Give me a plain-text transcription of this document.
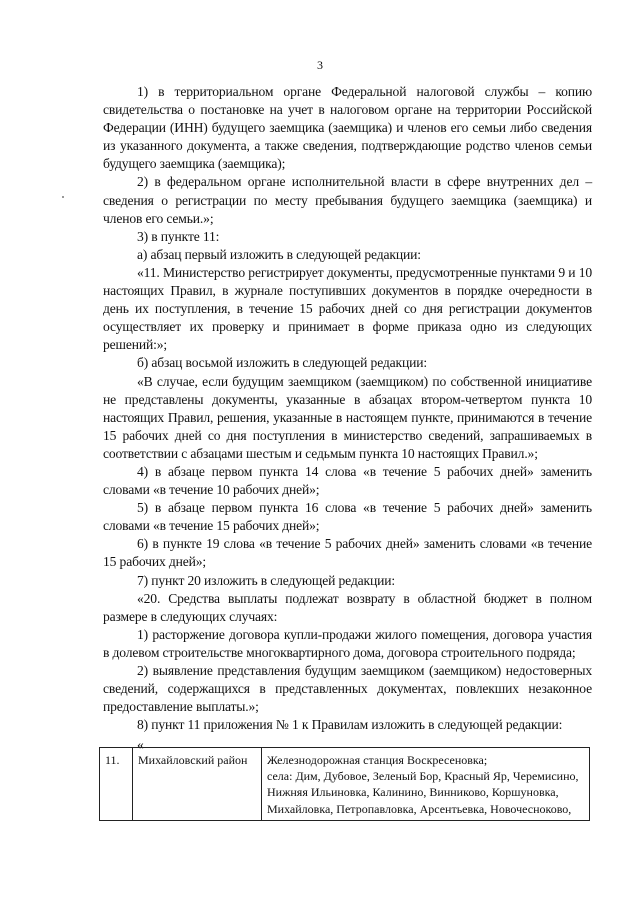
3

1) в территориальном органе Федеральной налоговой службы – копию свидетельства о постановке на учет в налоговом органе на территории Российской Федерации (ИНН) будущего заемщика (заемщика) и членов его семьи либо сведения из указанного документа, а также сведения, подтверждающие родство членов семьи будущего заемщика (заемщика);

2) в федеральном органе исполнительной власти в сфере внутренних дел – сведения о регистрации по месту пребывания будущего заемщика (заемщика) и членов его семьи.»;

3) в пункте 11:

а) абзац первый изложить в следующей редакции:

«11. Министерство регистрирует документы, предусмотренные пунктами 9 и 10 настоящих Правил, в журнале поступивших документов в порядке очередности в день их поступления, в течение 15 рабочих дней со дня регистрации документов осуществляет их проверку и принимает в форме приказа одно из следующих решений:»;

б) абзац восьмой изложить в следующей редакции:

«В случае, если будущим заемщиком (заемщиком) по собственной инициативе не представлены документы, указанные в абзацах втором-четвертом пункта 10 настоящих Правил, решения, указанные в настоящем пункте, принимаются в течение 15 рабочих дней со дня поступления в министерство сведений, запрашиваемых в соответствии с абзацами шестым и седьмым пункта 10 настоящих Правил.»;

4) в абзаце первом пункта 14 слова «в течение 5 рабочих дней» заменить словами «в течение 10 рабочих дней»;

5) в абзаце первом пункта 16 слова «в течение 5 рабочих дней» заменить словами «в течение 15 рабочих дней»;

6) в пункте 19 слова «в течение 5 рабочих дней» заменить словами «в течение 15 рабочих дней»;

7) пункт 20 изложить в следующей редакции:

«20. Средства выплаты подлежат возврату в областной бюджет в полном размере в следующих случаях:

1) расторжение договора купли-продажи жилого помещения, договора участия в долевом строительстве многоквартирного дома, договора строительного подряда;

2) выявление представления будущим заемщиком (заемщиком) недостоверных сведений, содержащихся в представленных документах, повлекших незаконное предоставление выплаты.»;

8) пункт 11 приложения № 1 к Правилам изложить в следующей редакции:

«

11.	Михайловский район	Железнодорожная станция Воскресеновка;
села: Дим, Дубовое, Зеленый Бор, Красный Яр, Черемисино,
Нижняя Ильиновка, Калинино, Винниково, Коршуновка,
Михайловка, Петропавловка, Арсентьевка, Новочесноково,
